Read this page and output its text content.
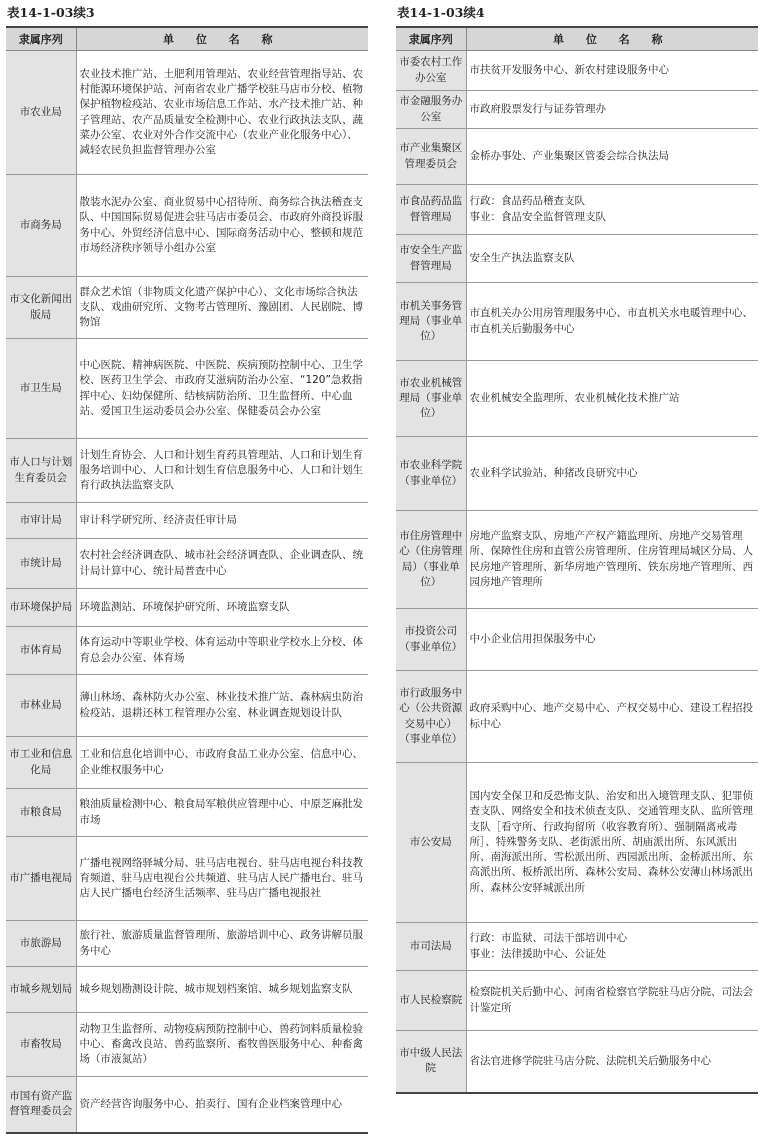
表14-1-03续3
隶属序列	单 位 名 称
市农业局	农业技术推广站、土肥利用管理站、农业经营管理指导站、农村能源环境保护站、河南省农业广播学校驻马店市分校、植物保护植物检疫站、农业市场信息工作站、水产技术推广站、种子管理站、农产品质量安全检测中心、农业行政执法支队、蔬菜办公室、农业对外合作交流中心（农业产业化服务中心）、减轻农民负担监督管理办公室
市商务局	散装水泥办公室、商业贸易中心招待所、商务综合执法稽查支队、中国国际贸易促进会驻马店市委员会、市政府外商投诉服务中心、外贸经济信息中心、国际商务活动中心、整顿和规范市场经济秩序领导小组办公室
市文化新闻出版局	群众艺术馆（非物质文化遗产保护中心）、文化市场综合执法支队、戏曲研究所、文物考古管理所、豫剧团、人民剧院、博物馆
市卫生局	中心医院、精神病医院、中医院、疾病预防控制中心、卫生学校、医药卫生学会、市政府艾滋病防治办公室、“120”急救指挥中心、妇幼保健所、结核病防治所、卫生监督所、中心血站、爱国卫生运动委员会办公室、保健委员会办公室
市人口与计划生育委员会	计划生育协会、人口和计划生育药具管理站、人口和计划生育服务培训中心、人口和计划生育信息服务中心、人口和计划生育行政执法监察支队
市审计局	审计科学研究所、经济责任审计局
市统计局	农村社会经济调查队、城市社会经济调查队、企业调查队、统计局计算中心、统计局普查中心
市环境保护局	环境监测站、环境保护研究所、环境监察支队
市体育局	体育运动中等职业学校、体育运动中等职业学校水上分校、体育总会办公室、体育场
市林业局	薄山林场、森林防火办公室、林业技术推广站、森林病虫防治检疫站、退耕还林工程管理办公室、林业调查规划设计队
市工业和信息化局	工业和信息化培训中心、市政府食品工业办公室、信息中心、企业维权服务中心
市粮食局	粮油质量检测中心、粮食局军粮供应管理中心、中原芝麻批发市场
市广播电视局	广播电视网络驿城分局、驻马店电视台、驻马店电视台科技教育频道、驻马店电视台公共频道、驻马店人民广播电台、驻马店人民广播电台经济生活频率、驻马店广播电视报社
市旅游局	旅行社、旅游质量监督管理所、旅游培训中心、政务讲解员服务中心
市城乡规划局	城乡规划勘测设计院、城市规划档案馆、城乡规划监察支队
市畜牧局	动物卫生监督所、动物疫病预防控制中心、兽药饲料质量检验中心、畜禽改良站、兽药监察所、畜牧兽医服务中心、种畜禽场（市液氮站）
市国有资产监督管理委员会	资产经营咨询服务中心、拍卖行、国有企业档案管理中心
表14-1-03续4
隶属序列	单 位 名 称
市委农村工作办公室	市扶贫开发服务中心、新农村建设服务中心
市金融服务办公室	市政府股票发行与证券管理办
市产业集聚区管理委员会	金桥办事处、产业集聚区管委会综合执法局
市食品药品监督管理局	行政：食品药品稽查支队
事业：食品安全监督管理支队
市安全生产监督管理局	安全生产执法监察支队
市机关事务管理局（事业单位）	市直机关办公用房管理服务中心、市直机关水电暖管理中心、市直机关后勤服务中心
市农业机械管理局（事业单位）	农业机械安全监理所、农业机械化技术推广站
市农业科学院（事业单位）	农业科学试验站、种猪改良研究中心
市住房管理中心（住房管理局）（事业单位）	房地产监察支队、房地产产权产籍监理所、房地产交易管理所、保障性住房和直管公房管理所、住房管理局城区分局、人民房地产管理所、新华房地产管理所、铁东房地产管理所、西园房地产管理所
市投资公司（事业单位）	中小企业信用担保服务中心
市行政服务中心（公共资源交易中心）（事业单位）	政府采购中心、地产交易中心、产权交易中心、建设工程招投标中心
市公安局	国内安全保卫和反恐怖支队、治安和出入境管理支队、犯罪侦查支队、网络安全和技术侦查支队、交通管理支队、监所管理支队［看守所、行政拘留所（收容教育所）、强制隔离戒毒所］、特殊警务支队、老街派出所、胡庙派出所、东风派出所、南海派出所、雪松派出所、西园派出所、金桥派出所、东高派出所、板桥派出所、森林公安局、森林公安薄山林场派出所、森林公安驿城派出所
市司法局	行政：市监狱、司法干部培训中心
事业：法律援助中心、公证处
市人民检察院	检察院机关后勤中心、河南省检察官学院驻马店分院、司法会计鉴定所
市中级人民法院	省法官进修学院驻马店分院、法院机关后勤服务中心
